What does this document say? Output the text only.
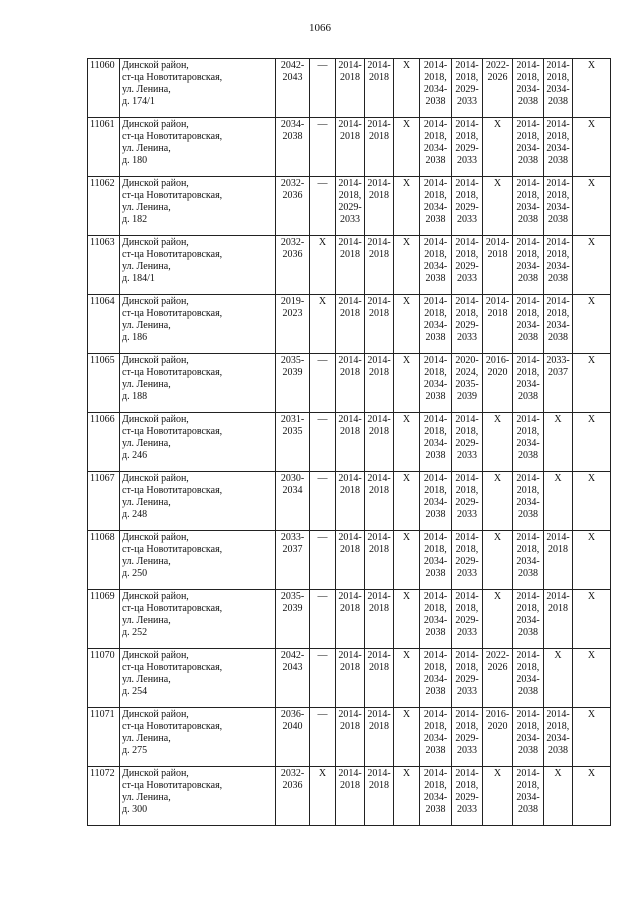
1066
11060	Динской район,
ст-ца Новотитаровская,
ул. Ленина,
д. 174/1	2042-
2043	—	2014-
2018	2014-
2018	X	2014-
2018,
2034-
2038	2014-
2018,
2029-
2033	2022-
2026	2014-
2018,
2034-
2038	2014-
2018,
2034-
2038	X
11061	Динской район,
ст-ца Новотитаровская,
ул. Ленина,
д. 180	2034-
2038	—	2014-
2018	2014-
2018	X	2014-
2018,
2034-
2038	2014-
2018,
2029-
2033	X	2014-
2018,
2034-
2038	2014-
2018,
2034-
2038	X
11062	Динской район,
ст-ца Новотитаровская,
ул. Ленина,
д. 182	2032-
2036	—	2014-
2018,
2029-
2033	2014-
2018	X	2014-
2018,
2034-
2038	2014-
2018,
2029-
2033	X	2014-
2018,
2034-
2038	2014-
2018,
2034-
2038	X
11063	Динской район,
ст-ца Новотитаровская,
ул. Ленина,
д. 184/1	2032-
2036	X	2014-
2018	2014-
2018	X	2014-
2018,
2034-
2038	2014-
2018,
2029-
2033	2014-
2018	2014-
2018,
2034-
2038	2014-
2018,
2034-
2038	X
11064	Динской район,
ст-ца Новотитаровская,
ул. Ленина,
д. 186	2019-
2023	X	2014-
2018	2014-
2018	X	2014-
2018,
2034-
2038	2014-
2018,
2029-
2033	2014-
2018	2014-
2018,
2034-
2038	2014-
2018,
2034-
2038	X
11065	Динской район,
ст-ца Новотитаровская,
ул. Ленина,
д. 188	2035-
2039	—	2014-
2018	2014-
2018	X	2014-
2018,
2034-
2038	2020-
2024,
2035-
2039	2016-
2020	2014-
2018,
2034-
2038	2033-
2037	X
11066	Динской район,
ст-ца Новотитаровская,
ул. Ленина,
д. 246	2031-
2035	—	2014-
2018	2014-
2018	X	2014-
2018,
2034-
2038	2014-
2018,
2029-
2033	X	2014-
2018,
2034-
2038	X	X
11067	Динской район,
ст-ца Новотитаровская,
ул. Ленина,
д. 248	2030-
2034	—	2014-
2018	2014-
2018	X	2014-
2018,
2034-
2038	2014-
2018,
2029-
2033	X	2014-
2018,
2034-
2038	X	X
11068	Динской район,
ст-ца Новотитаровская,
ул. Ленина,
д. 250	2033-
2037	—	2014-
2018	2014-
2018	X	2014-
2018,
2034-
2038	2014-
2018,
2029-
2033	X	2014-
2018,
2034-
2038	2014-
2018	X
11069	Динской район,
ст-ца Новотитаровская,
ул. Ленина,
д. 252	2035-
2039	—	2014-
2018	2014-
2018	X	2014-
2018,
2034-
2038	2014-
2018,
2029-
2033	X	2014-
2018,
2034-
2038	2014-
2018	X
11070	Динской район,
ст-ца Новотитаровская,
ул. Ленина,
д. 254	2042-
2043	—	2014-
2018	2014-
2018	X	2014-
2018,
2034-
2038	2014-
2018,
2029-
2033	2022-
2026	2014-
2018,
2034-
2038	X	X
11071	Динской район,
ст-ца Новотитаровская,
ул. Ленина,
д. 275	2036-
2040	—	2014-
2018	2014-
2018	X	2014-
2018,
2034-
2038	2014-
2018,
2029-
2033	2016-
2020	2014-
2018,
2034-
2038	2014-
2018,
2034-
2038	X
11072	Динской район,
ст-ца Новотитаровская,
ул. Ленина,
д. 300	2032-
2036	X	2014-
2018	2014-
2018	X	2014-
2018,
2034-
2038	2014-
2018,
2029-
2033	X	2014-
2018,
2034-
2038	X	X
